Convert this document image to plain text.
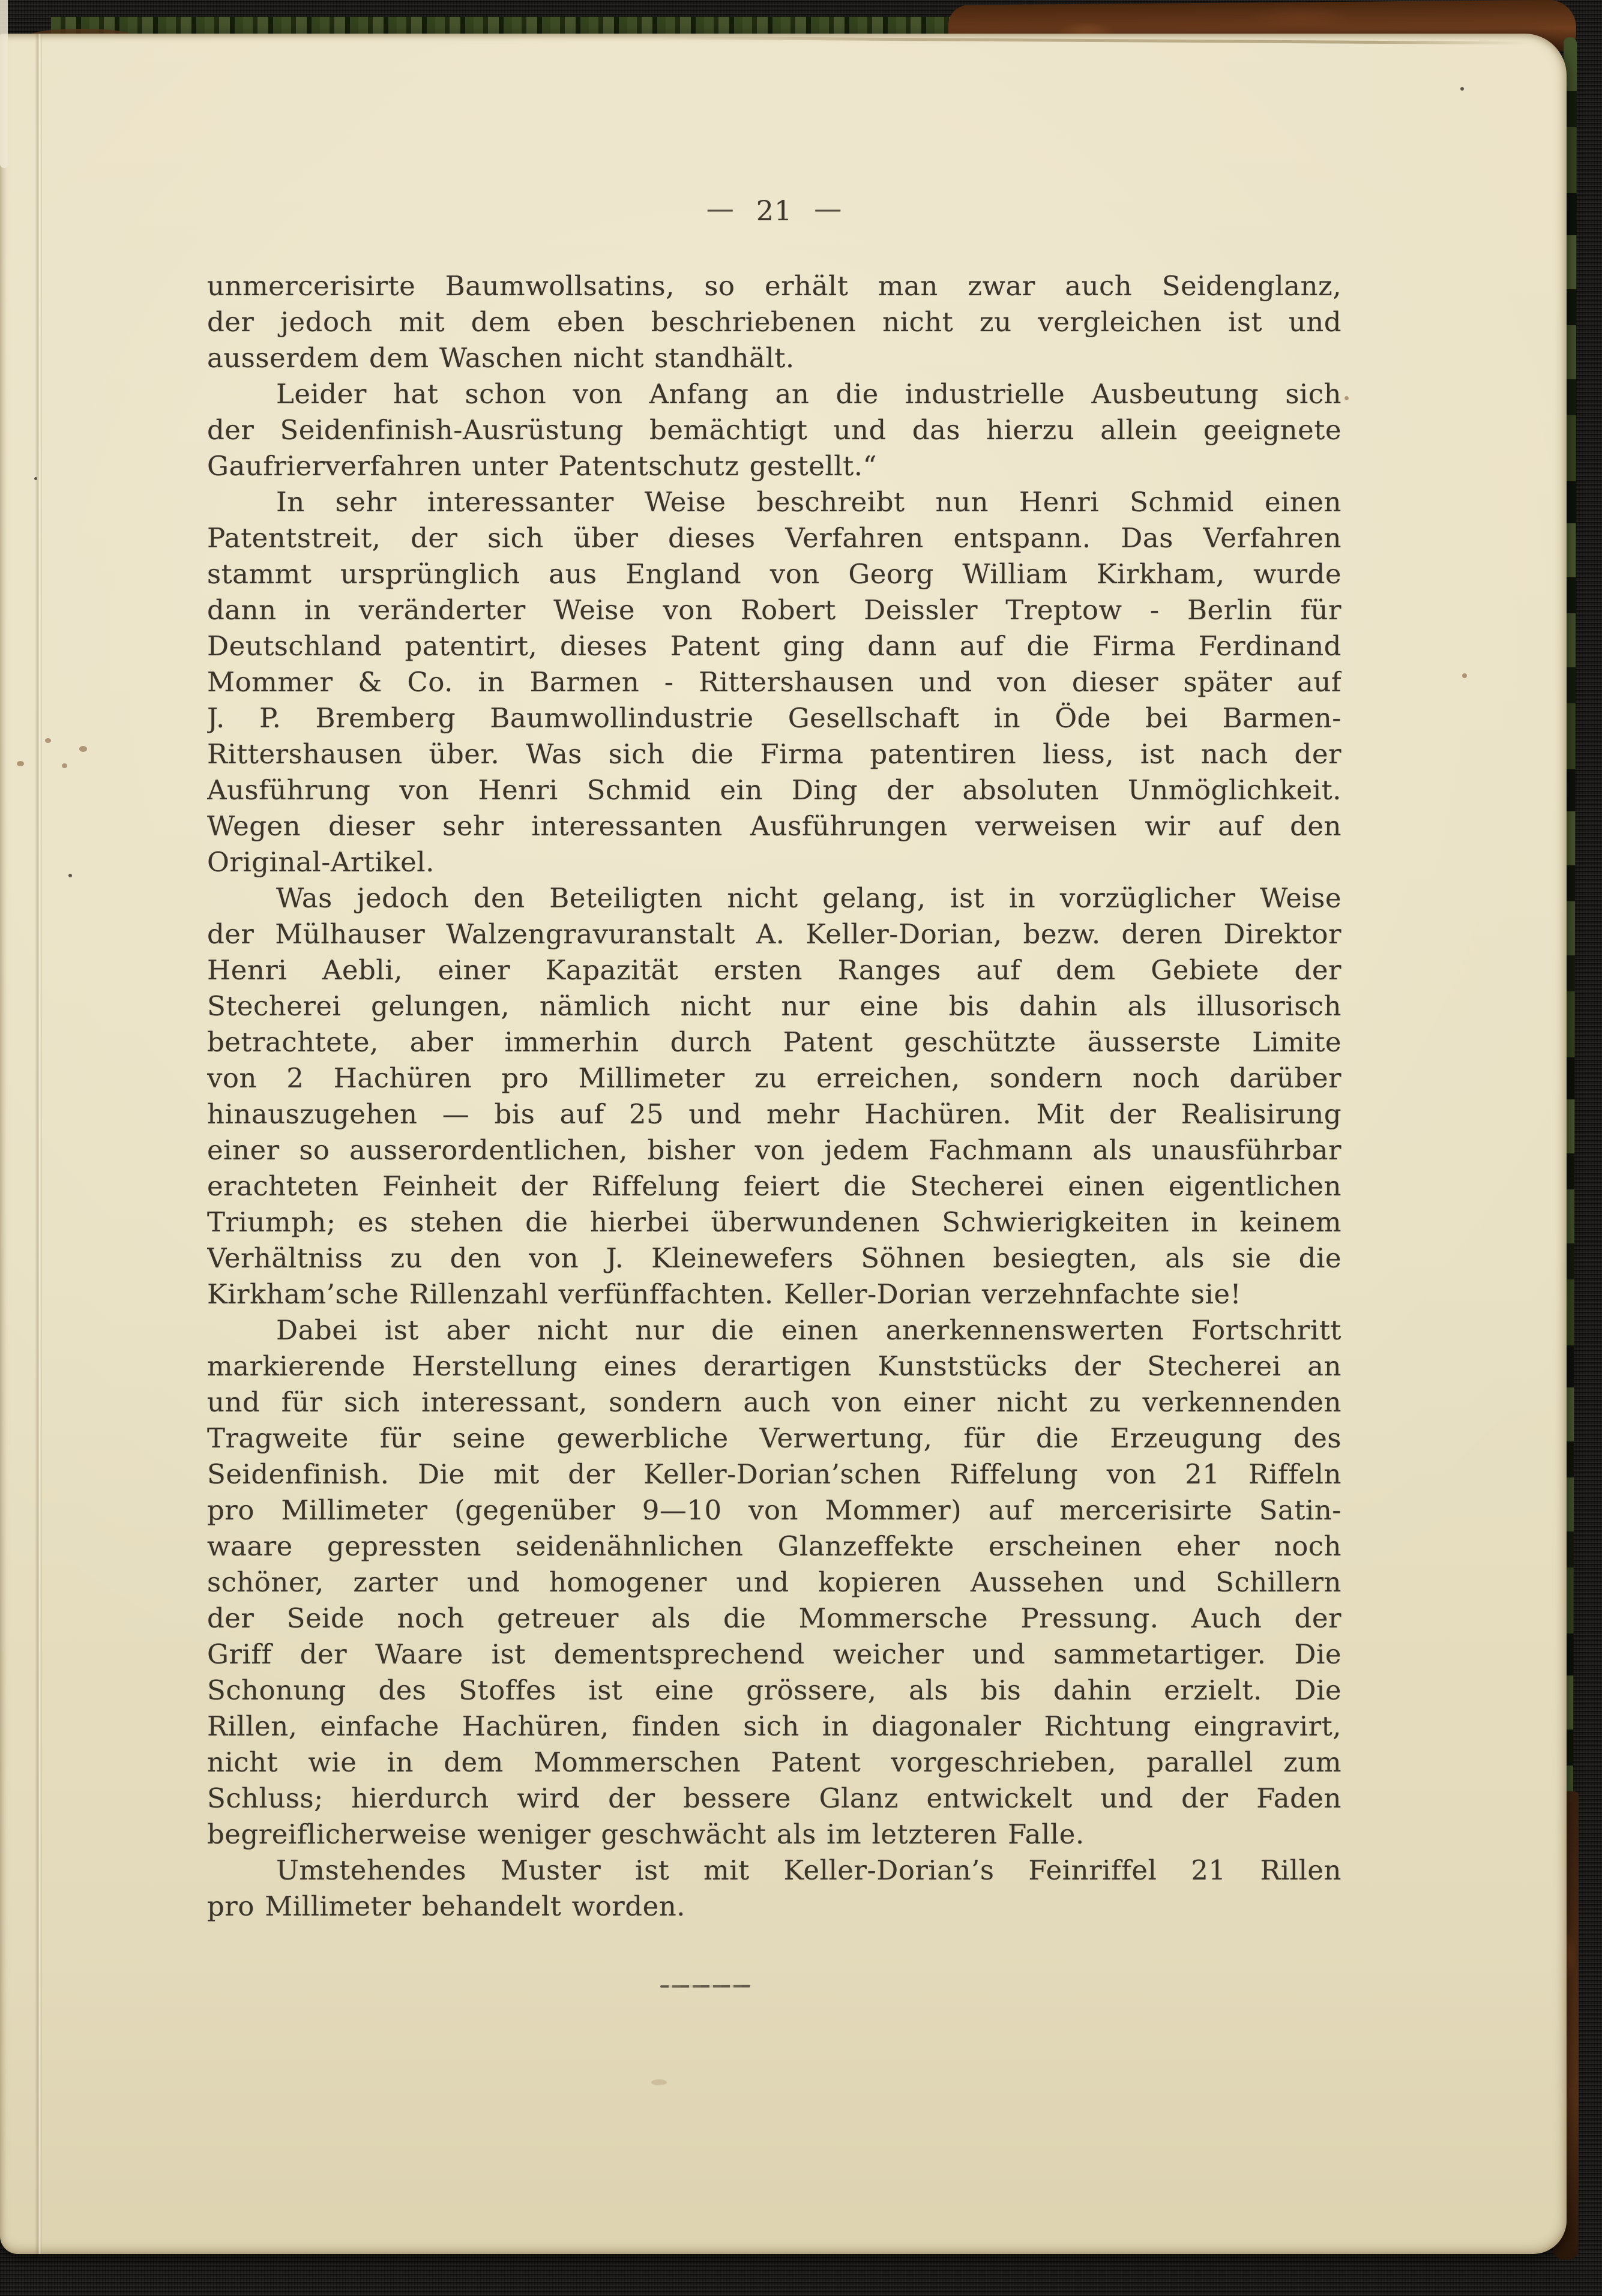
— 21 —
unmercerisirte Baumwollsatins, so erhält man zwar auch Seidenglanz,
der jedoch mit dem eben beschriebenen nicht zu vergleichen ist und
ausserdem dem Waschen nicht standhält.
Leider hat schon von Anfang an die industrielle Ausbeutung sich
der Seidenfinish-Ausrüstung bemächtigt und das hierzu allein geeignete
Gaufrierverfahren unter Patentschutz gestellt.“
In sehr interessanter Weise beschreibt nun Henri Schmid einen
Patentstreit, der sich über dieses Verfahren entspann. Das Verfahren
stammt ursprünglich aus England von Georg William Kirkham, wurde
dann in veränderter Weise von Robert Deissler Treptow - Berlin für
Deutschland patentirt, dieses Patent ging dann auf die Firma Ferdinand
Mommer & Co. in Barmen - Rittershausen und von dieser später auf
J. P. Bremberg Baumwollindustrie Gesellschaft in Öde bei Barmen-
Rittershausen über. Was sich die Firma patentiren liess, ist nach der
Ausführung von Henri Schmid ein Ding der absoluten Unmöglichkeit.
Wegen dieser sehr interessanten Ausführungen verweisen wir auf den
Original-Artikel.
Was jedoch den Beteiligten nicht gelang, ist in vorzüglicher Weise
der Mülhauser Walzengravuranstalt A. Keller-Dorian, bezw. deren Direktor
Henri Aebli, einer Kapazität ersten Ranges auf dem Gebiete der
Stecherei gelungen, nämlich nicht nur eine bis dahin als illusorisch
betrachtete, aber immerhin durch Patent geschützte äusserste Limite
von 2 Hachüren pro Millimeter zu erreichen, sondern noch darüber
hinauszugehen — bis auf 25 und mehr Hachüren. Mit der Realisirung
einer so ausserordentlichen, bisher von jedem Fachmann als unausführbar
erachteten Feinheit der Riffelung feiert die Stecherei einen eigentlichen
Triumph; es stehen die hierbei überwundenen Schwierigkeiten in keinem
Verhältniss zu den von J. Kleinewefers Söhnen besiegten, als sie die
Kirkham’sche Rillenzahl verfünffachten. Keller-Dorian verzehnfachte sie!
Dabei ist aber nicht nur die einen anerkennenswerten Fortschritt
markierende Herstellung eines derartigen Kunststücks der Stecherei an
und für sich interessant, sondern auch von einer nicht zu verkennenden
Tragweite für seine gewerbliche Verwertung, für die Erzeugung des
Seidenfinish. Die mit der Keller-Dorian’schen Riffelung von 21 Riffeln
pro Millimeter (gegenüber 9—10 von Mommer) auf mercerisirte Satin-
waare gepressten seidenähnlichen Glanzeffekte erscheinen eher noch
schöner, zarter und homogener und kopieren Aussehen und Schillern
der Seide noch getreuer als die Mommersche Pressung. Auch der
Griff der Waare ist dementsprechend weicher und sammetartiger. Die
Schonung des Stoffes ist eine grössere, als bis dahin erzielt. Die
Rillen, einfache Hachüren, finden sich in diagonaler Richtung eingravirt,
nicht wie in dem Mommerschen Patent vorgeschrieben, parallel zum
Schluss; hierdurch wird der bessere Glanz entwickelt und der Faden
begreiflicherweise weniger geschwächt als im letzteren Falle.
Umstehendes Muster ist mit Keller-Dorian’s Feinriffel 21 Rillen
pro Millimeter behandelt worden.
